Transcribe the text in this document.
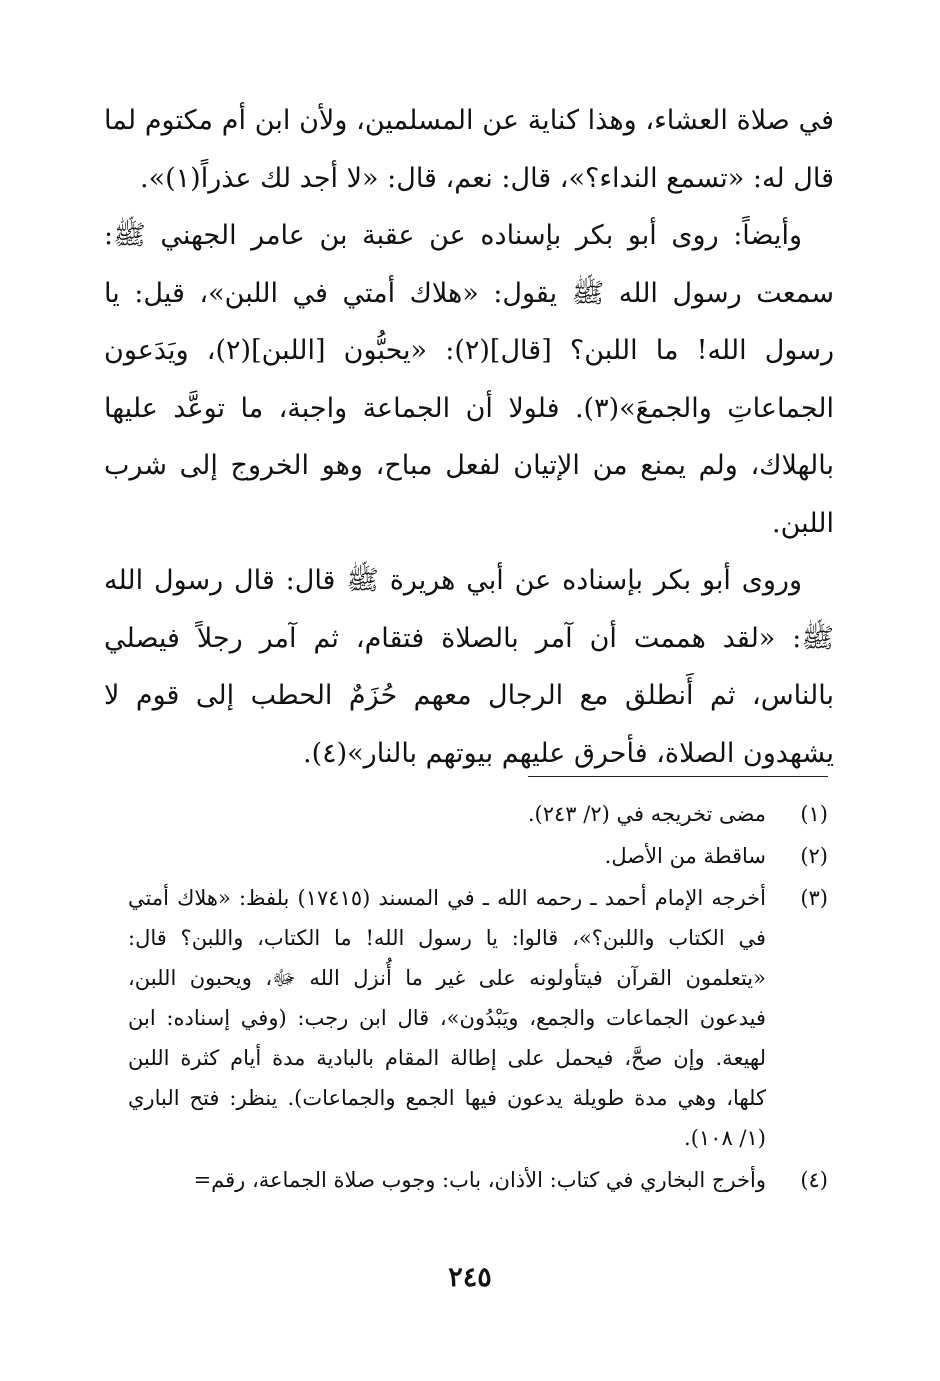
في صلاة العشاء، وهذا كناية عن المسلمين، ولأن ابن أم مكتوم لما قال له: «تسمع النداء؟»، قال: نعم، قال: «لا أجد لك عذراً(١)».

وأيضاً: روى أبو بكر بإسناده عن عقبة بن عامر الجهني ﷺ: سمعت رسول الله ﷺ يقول: «هلاك أمتي في اللبن»، قيل: يا رسول الله! ما اللبن؟ [قال](٢): «يحبُّون [اللبن](٢)، ويَدَعون الجماعاتِ والجمعَ»(٣). فلولا أن الجماعة واجبة، ما توعَّد عليها بالهلاك، ولم يمنع من الإتيان لفعل مباح، وهو الخروج إلى شرب اللبن.

وروى أبو بكر بإسناده عن أبي هريرة ﷺ قال: قال رسول الله ﷺ: «لقد هممت أن آمر بالصلاة فتقام، ثم آمر رجلاً فيصلي بالناس، ثم أَنطلق مع الرجال معهم حُزَمٌ الحطب إلى قوم لا يشهدون الصلاة، فأحرق عليهم بيوتهم بالنار»(٤).

(١)
مضى تخريجه في (٢/ ٢٤٣).
(٢)
ساقطة من الأصل.
(٣)
أخرجه الإمام أحمد ـ رحمه الله ـ في المسند (١٧٤١٥) بلفظ: «هلاك أمتي في الكتاب واللبن؟»، قالوا: يا رسول الله! ما الكتاب، واللبن؟ قال: «يتعلمون القرآن فيتأولونه على غير ما أُنزل الله ﷻ، ويحبون اللبن، فيدعون الجماعات والجمع، ويَبْدُون»، قال ابن رجب: (وفي إسناده: ابن لهيعة. وإن صحَّ، فيحمل على إطالة المقام بالبادية مدة أيام كثرة اللبن كلها، وهي مدة طويلة يدعون فيها الجمع والجماعات). ينظر: فتح الباري (١/ ١٠٨).
(٤)
وأخرج البخاري في كتاب: الأذان، باب: وجوب صلاة الجماعة، رقم=
٢٤٥
